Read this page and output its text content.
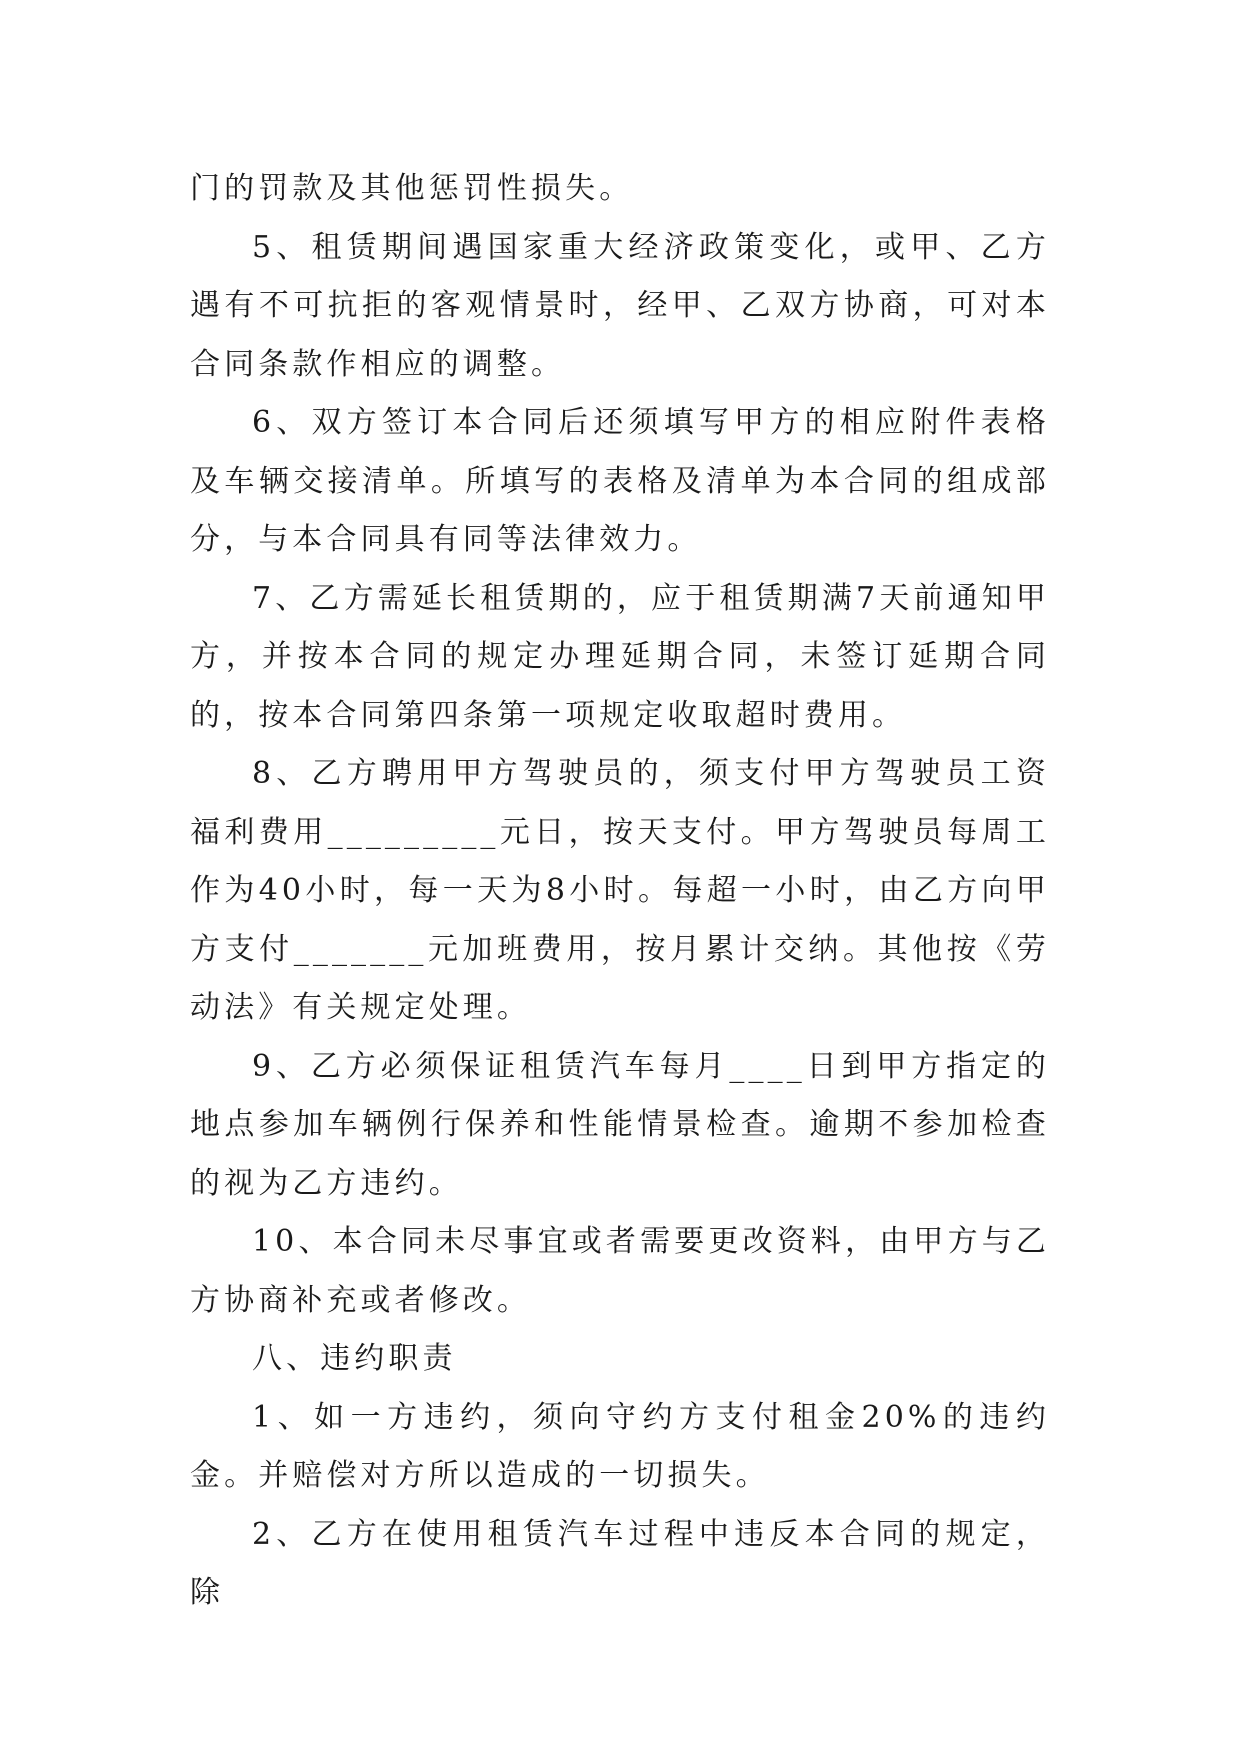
门的罚款及其他惩罚性损失。

5、租赁期间遇国家重大经济政策变化，或甲、乙方遇有不可抗拒的客观情景时，经甲、乙双方协商，可对本合同条款作相应的调整。

6、双方签订本合同后还须填写甲方的相应附件表格及车辆交接清单。所填写的表格及清单为本合同的组成部分，与本合同具有同等法律效力。

7、乙方需延长租赁期的，应于租赁期满7天前通知甲方，并按本合同的规定办理延期合同，未签订延期合同的，按本合同第四条第一项规定收取超时费用。

8、乙方聘用甲方驾驶员的，须支付甲方驾驶员工资福利费用_________元日，按天支付。甲方驾驶员每周工作为40小时，每一天为8小时。每超一小时，由乙方向甲方支付_______元加班费用，按月累计交纳。其他按《劳动法》有关规定处理。

9、乙方必须保证租赁汽车每月____日到甲方指定的地点参加车辆例行保养和性能情景检查。逾期不参加检查的视为乙方违约。

10、本合同未尽事宜或者需要更改资料，由甲方与乙方协商补充或者修改。

八、违约职责

1、如一方违约，须向守约方支付租金20%的违约金。并赔偿对方所以造成的一切损失。

2、乙方在使用租赁汽车过程中违反本合同的规定，除
